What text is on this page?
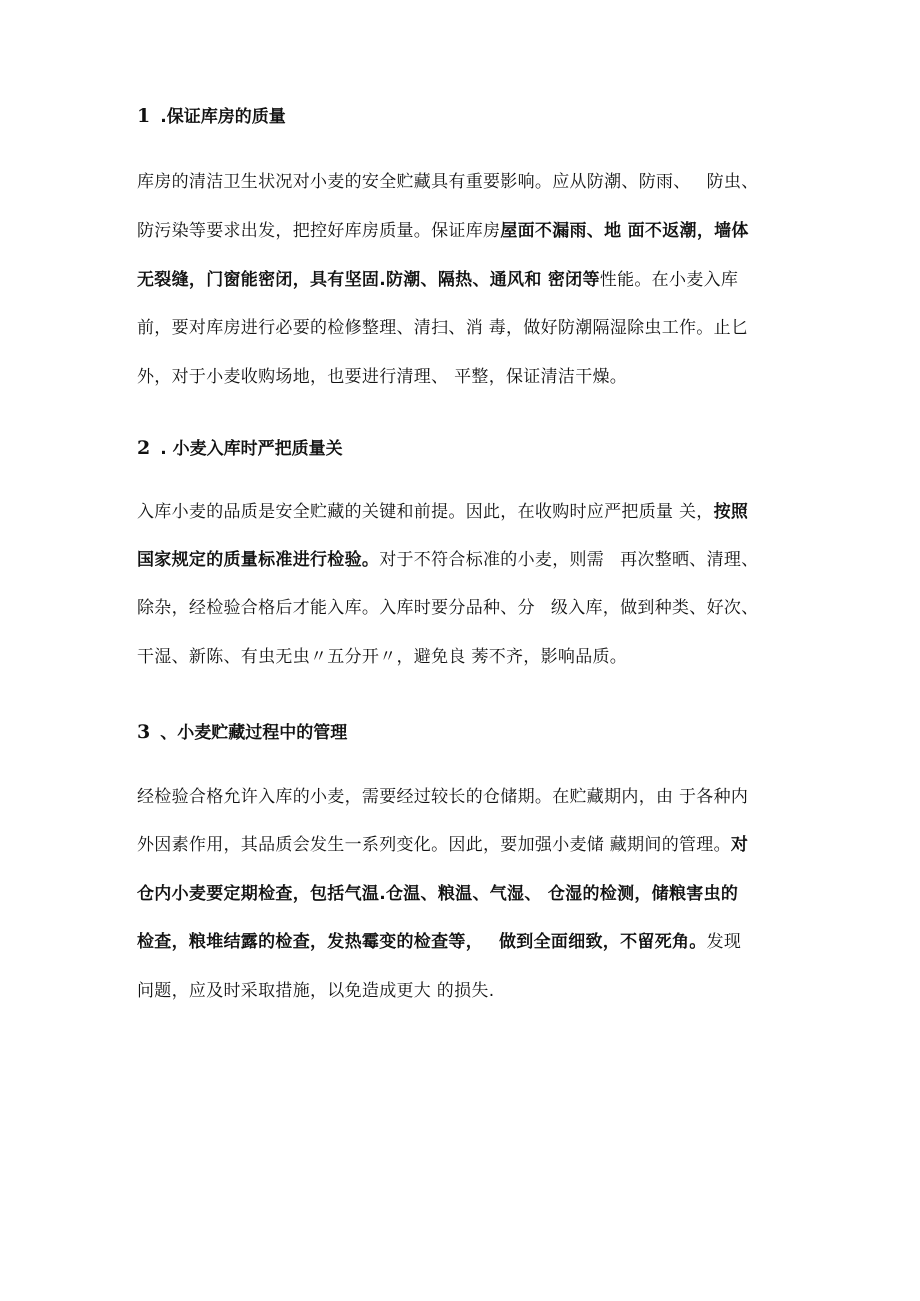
1 .保证库房的质量
库房的清洁卫生状况对小麦的安全贮藏具有重要影响。应从防潮、防雨、 防虫、
防污染等要求出发，把控好库房质量。保证库房屋面不漏雨、地 面不返潮，墙体
无裂缝，门窗能密闭，具有坚固.防潮、隔热、通风和 密闭等性能。在小麦入库
前，要对库房进行必要的检修整理、清扫、消 毒，做好防潮隔湿除虫工作。止匕
外，对于小麦收购场地，也要进行清理、 平整，保证清洁干燥。
2 . 小麦入库时严把质量关
入库小麦的品质是安全贮藏的关键和前提。因此，在收购时应严把质量 关，按照
国家规定的质量标准进行检验。对于不符合标准的小麦，则需 再次整晒、清理、
除杂，经检验合格后才能入库。入库时要分品种、分 级入库，做到种类、好次、
干湿、新陈、有虫无虫〃五分开〃，避免良 莠不齐，影响品质。
3 、小麦贮藏过程中的管理
经检验合格允许入库的小麦，需要经过较长的仓储期。在贮藏期内，由 于各种内
外因素作用，其品质会发生一系列变化。因此，要加强小麦储 藏期间的管理。对
仓内小麦要定期检查，包括气温.仓温、粮温、气湿、 仓湿的检测，储粮害虫的
检查，粮堆结露的检查，发热霉变的检查等， 做到全面细致，不留死角。发现
问题，应及时采取措施，以免造成更大 的损失.
